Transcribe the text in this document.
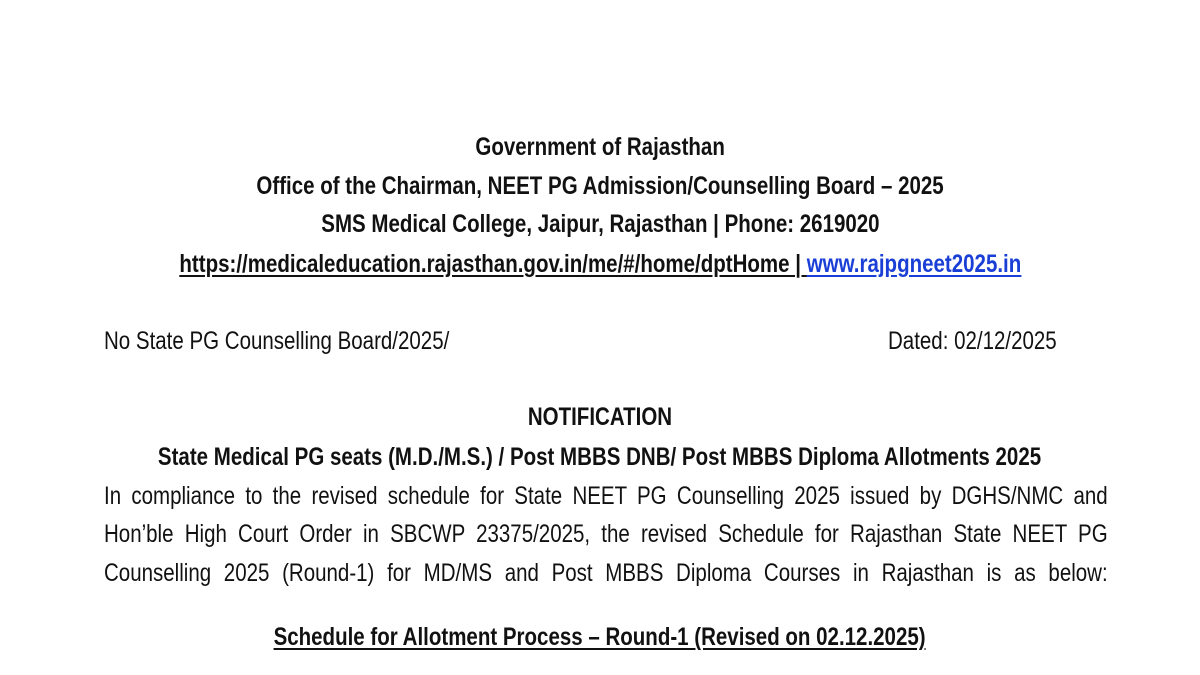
Government of Rajasthan
Office of the Chairman, NEET PG Admission/Counselling Board – 2025
SMS Medical College, Jaipur, Rajasthan | Phone: 2619020
https://medicaleducation.rajasthan.gov.in/me/#/home/dptHome | www.rajpgneet2025.in
No State PG Counselling Board/2025/	Dated: 02/12/2025
NOTIFICATION
State Medical PG seats (M.D./M.S.) / Post MBBS DNB/ Post MBBS Diploma Allotments 2025
In compliance to the revised schedule for State NEET PG Counselling 2025 issued by DGHS/NMC and
Hon’ble High Court Order in SBCWP 23375/2025, the revised Schedule for Rajasthan State NEET PG
Counselling 2025 (Round-1) for MD/MS and Post MBBS Diploma Courses in Rajasthan is as below:
Schedule for Allotment Process – Round-1 (Revised on 02.12.2025)
